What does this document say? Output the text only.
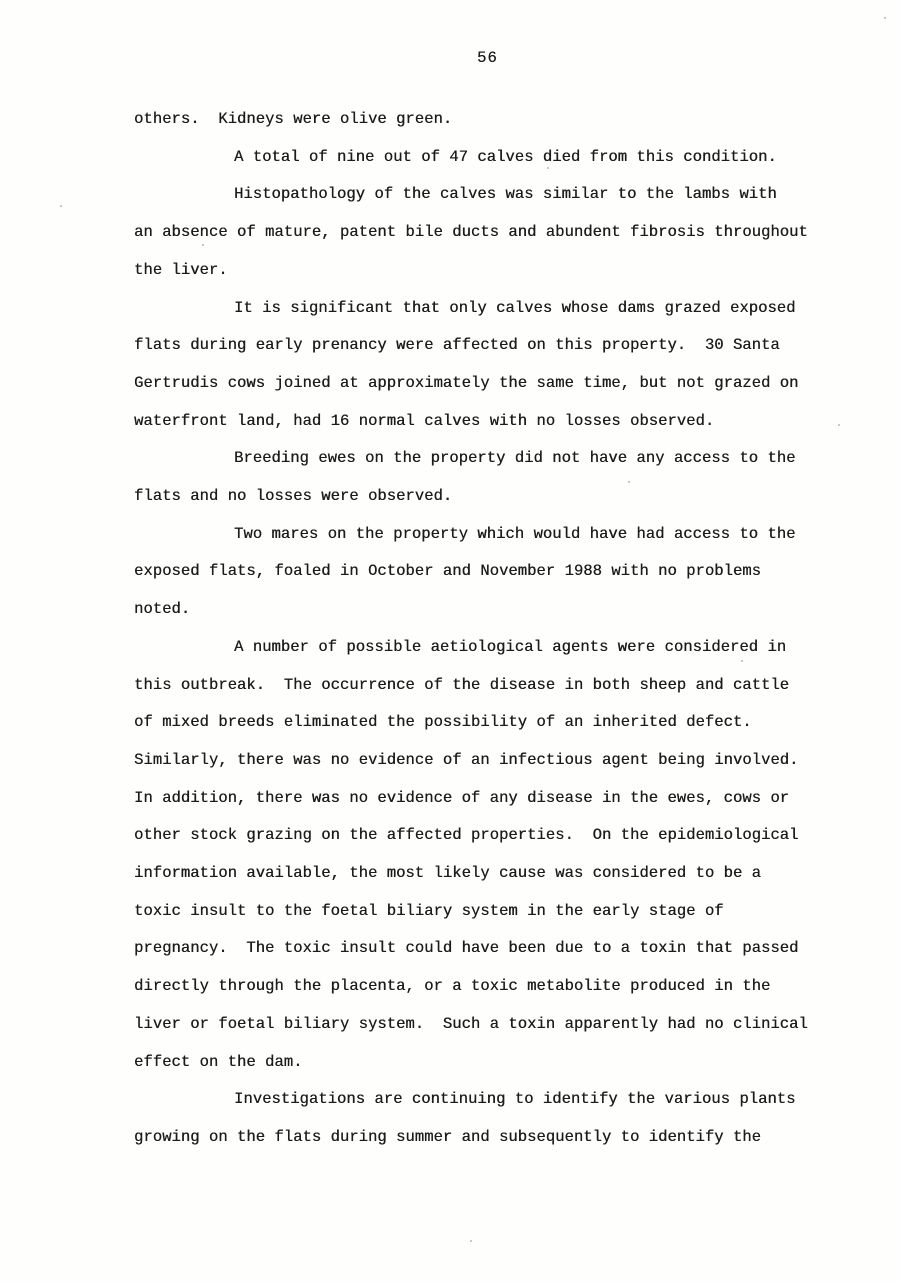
56
others.  Kidneys were olive green.
A total of nine out of 47 calves died from this condition.
Histopathology of the calves was similar to the lambs with
an absence of mature, patent bile ducts and abundent fibrosis throughout
the liver.
It is significant that only calves whose dams grazed exposed
flats during early prenancy were affected on this property.  30 Santa
Gertrudis cows joined at approximately the same time, but not grazed on
waterfront land, had 16 normal calves with no losses observed.
Breeding ewes on the property did not have any access to the
flats and no losses were observed.
Two mares on the property which would have had access to the
exposed flats, foaled in October and November 1988 with no problems
noted.
A number of possible aetiological agents were considered in
this outbreak.  The occurrence of the disease in both sheep and cattle
of mixed breeds eliminated the possibility of an inherited defect.
Similarly, there was no evidence of an infectious agent being involved.
In addition, there was no evidence of any disease in the ewes, cows or
other stock grazing on the affected properties.  On the epidemiological
information available, the most likely cause was considered to be a
toxic insult to the foetal biliary system in the early stage of
pregnancy.  The toxic insult could have been due to a toxin that passed
directly through the placenta, or a toxic metabolite produced in the
liver or foetal biliary system.  Such a toxin apparently had no clinical
effect on the dam.
Investigations are continuing to identify the various plants
growing on the flats during summer and subsequently to identify the
